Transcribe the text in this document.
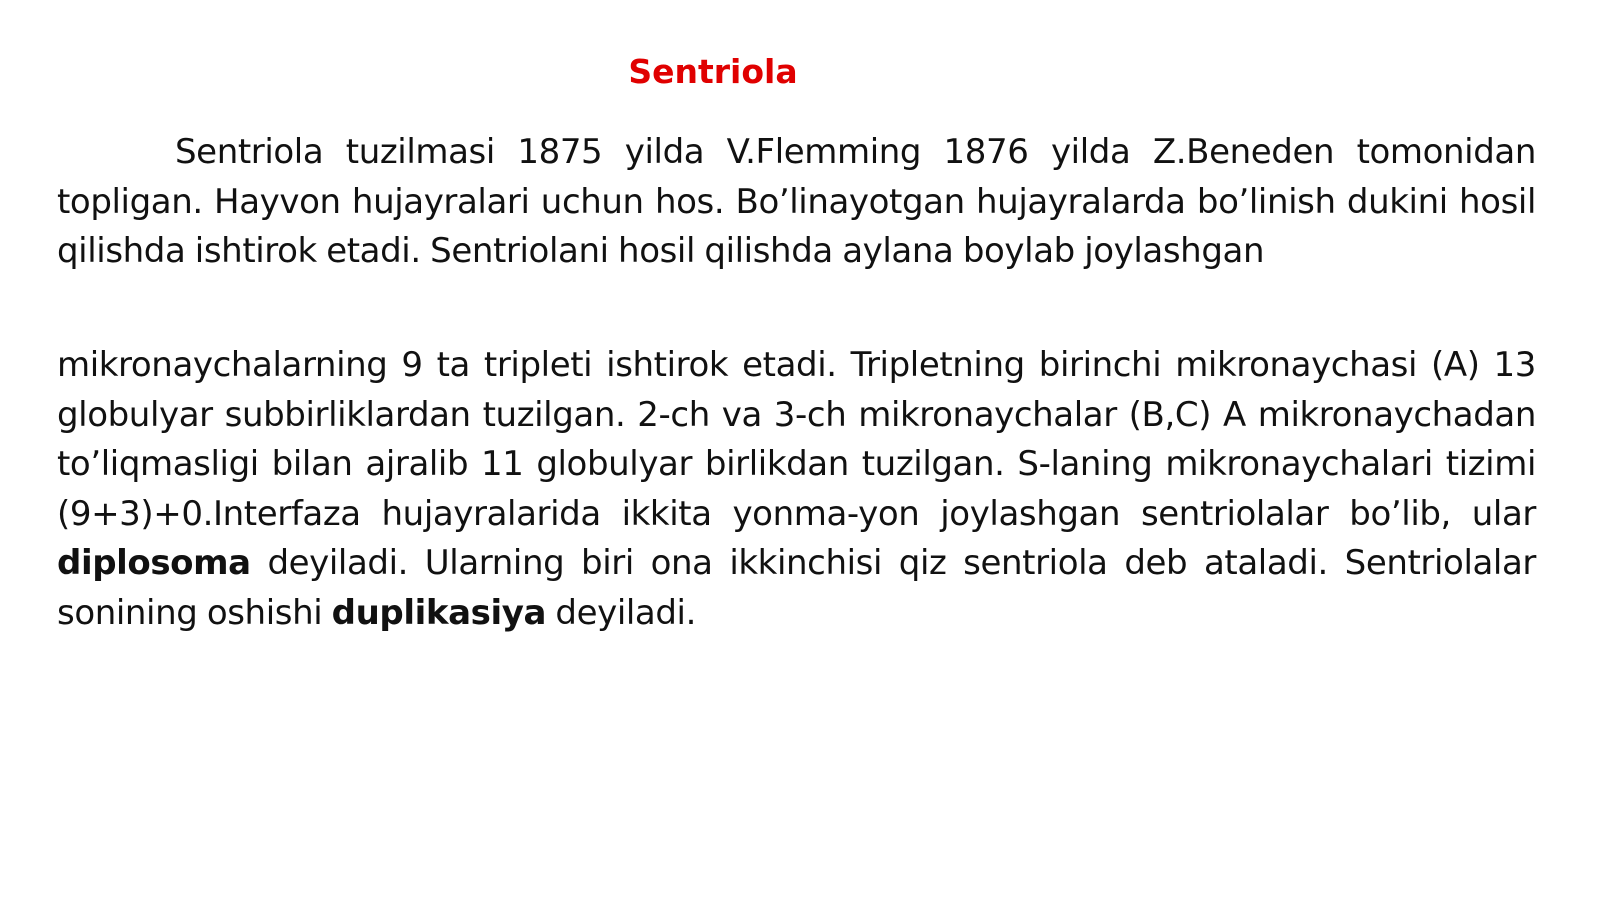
Sentriola

Sentriola tuzilmasi 1875 yilda V.Flemming 1876 yilda Z.Beneden tomonidan topligan. Hayvon hujayralari uchun hos. Bo’linayotgan hujayralarda bo’linish dukini hosil qilishda ishtirok etadi. Sentriolani hosil qilishda aylana boylab joylashgan

mikronaychalarning 9 ta tripleti ishtirok etadi. Tripletning birinchi mikronaychasi (A) 13 globulyar subbirliklardan tuzilgan. 2-ch va 3-ch mikronaychalar (B,C) A mikronaychadan to’liqmasligi bilan ajralib 11 globulyar birlikdan tuzilgan. S-laning mikronaychalari tizimi (9+3)+0.Interfaza hujayralarida ikkita yonma-yon joylashgan sentriolalar bo’lib, ular diplosoma deyiladi. Ularning biri ona ikkinchisi qiz sentriola deb ataladi. Sentriolalar sonining oshishi duplikasiya deyiladi.
